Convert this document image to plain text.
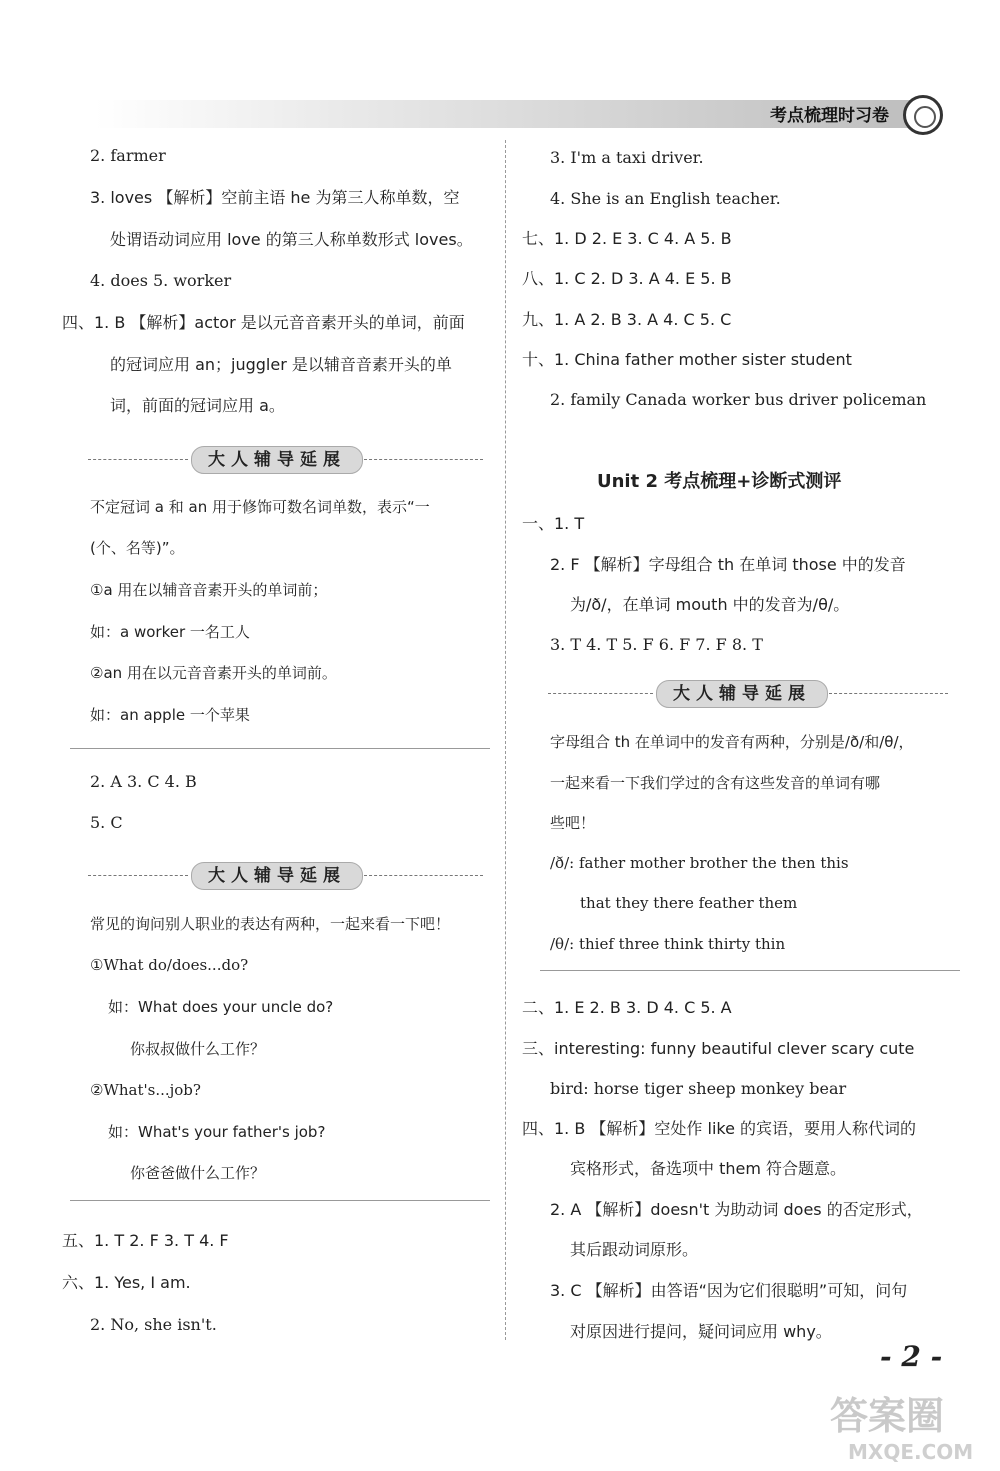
考点梳理时习卷
2. farmer
3. loves 【解析】空前主语 he 为第三人称单数，空
处谓语动词应用 love 的第三人称单数形式 loves。
4. does 5. worker
四、1. B 【解析】actor 是以元音音素开头的单词，前面
的冠词应用 an；juggler 是以辅音音素开头的单
词，前面的冠词应用 a。
大人辅导延展
不定冠词 a 和 an 用于修饰可数名词单数，表示“一
(个、名等)”。
①a 用在以辅音音素开头的单词前；
如：a worker 一名工人
②an 用在以元音音素开头的单词前。
如：an apple 一个苹果
2. A 3. C 4. B
5. C
大人辅导延展
常见的询问别人职业的表达有两种，一起来看一下吧！
①What do/does...do?
如：What does your uncle do?
你叔叔做什么工作？
②What's...job?
如：What's your father's job?
你爸爸做什么工作？
五、1. T 2. F 3. T 4. F
六、1. Yes, I am.
2. No, she isn't.
3. I'm a taxi driver.
4. She is an English teacher.
七、1. D 2. E 3. C 4. A 5. B
八、1. C 2. D 3. A 4. E 5. B
九、1. A 2. B 3. A 4. C 5. C
十、1. China father mother sister student
2. family Canada worker bus driver policeman
Unit 2 考点梳理+诊断式测评
一、1. T
2. F 【解析】字母组合 th 在单词 those 中的发音
为/ð/，在单词 mouth 中的发音为/θ/。
3. T 4. T 5. F 6. F 7. F 8. T
大人辅导延展
字母组合 th 在单词中的发音有两种，分别是/ð/和/θ/，
一起来看一下我们学过的含有这些发音的单词有哪
些吧！
/ð/: father mother brother the then this
that they there feather them
/θ/: thief three think thirty thin
二、1. E 2. B 3. D 4. C 5. A
三、interesting: funny beautiful clever scary cute
bird: horse tiger sheep monkey bear
四、1. B 【解析】空处作 like 的宾语，要用人称代词的
宾格形式，备选项中 them 符合题意。
2. A 【解析】doesn't 为助动词 does 的否定形式，
其后跟动词原形。
3. C 【解析】由答语“因为它们很聪明”可知，问句
对原因进行提问，疑问词应用 why。
- 2 -
答案圈
MXQE.COM
